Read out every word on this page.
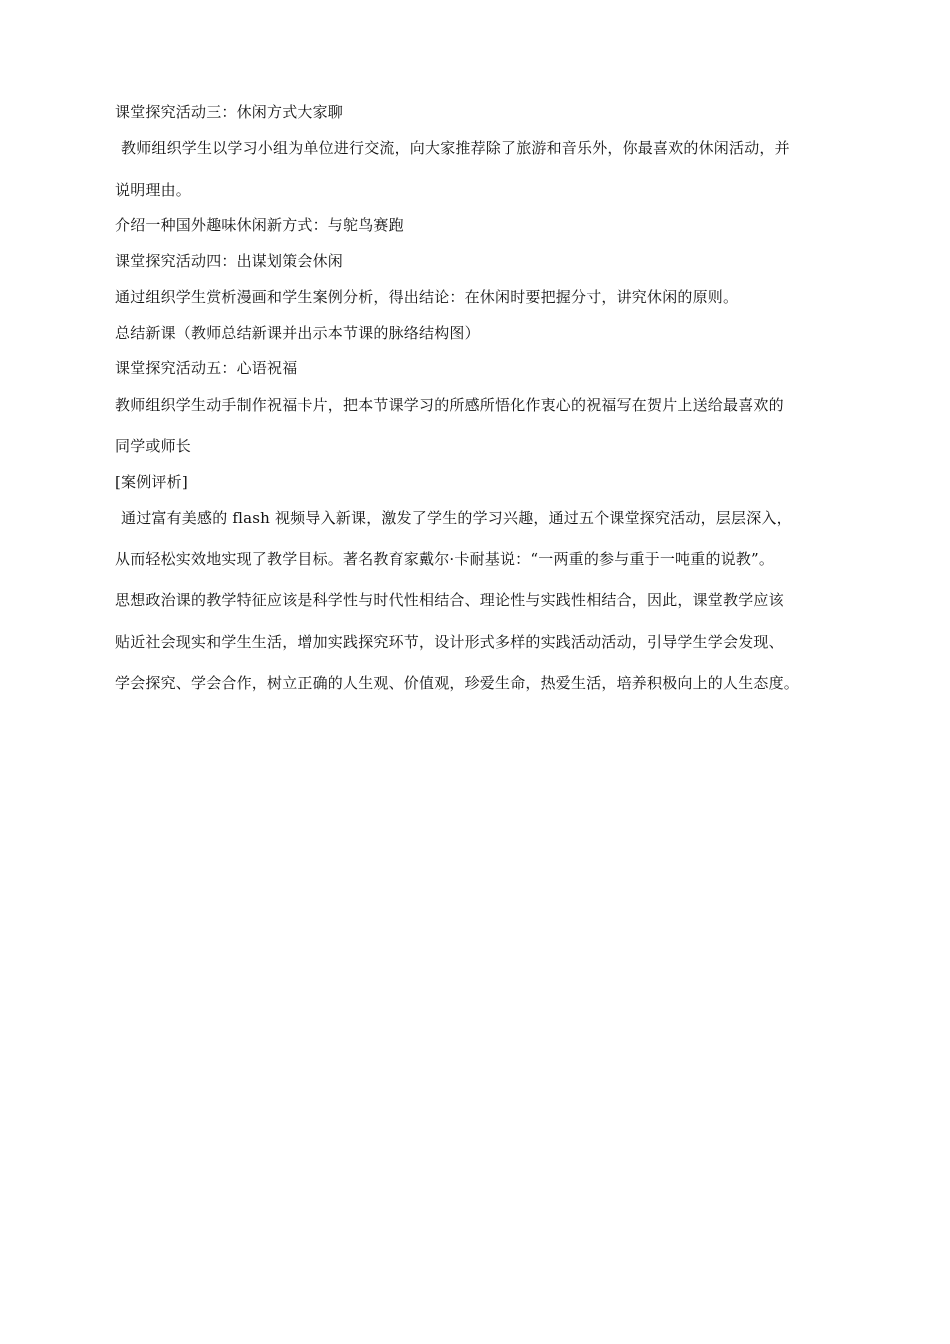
课堂探究活动三：休闲方式大家聊
教师组织学生以学习小组为单位进行交流，向大家推荐除了旅游和音乐外，你最喜欢的休闲活动，并
说明理由。
介绍一种国外趣味休闲新方式：与鸵鸟赛跑
课堂探究活动四：出谋划策会休闲
通过组织学生赏析漫画和学生案例分析，得出结论：在休闲时要把握分寸，讲究休闲的原则。
总结新课（教师总结新课并出示本节课的脉络结构图）
课堂探究活动五：心语祝福
教师组织学生动手制作祝福卡片，把本节课学习的所感所悟化作衷心的祝福写在贺片上送给最喜欢的
同学或师长
[案例评析]
通过富有美感的 flash 视频导入新课，激发了学生的学习兴趣，通过五个课堂探究活动，层层深入，
从而轻松实效地实现了教学目标。著名教育家戴尔·卡耐基说：“一两重的参与重于一吨重的说教”。
思想政治课的教学特征应该是科学性与时代性相结合、理论性与实践性相结合，因此，课堂教学应该
贴近社会现实和学生生活，增加实践探究环节，设计形式多样的实践活动活动，引导学生学会发现、
学会探究、学会合作，树立正确的人生观、价值观，珍爱生命，热爱生活，培养积极向上的人生态度。
